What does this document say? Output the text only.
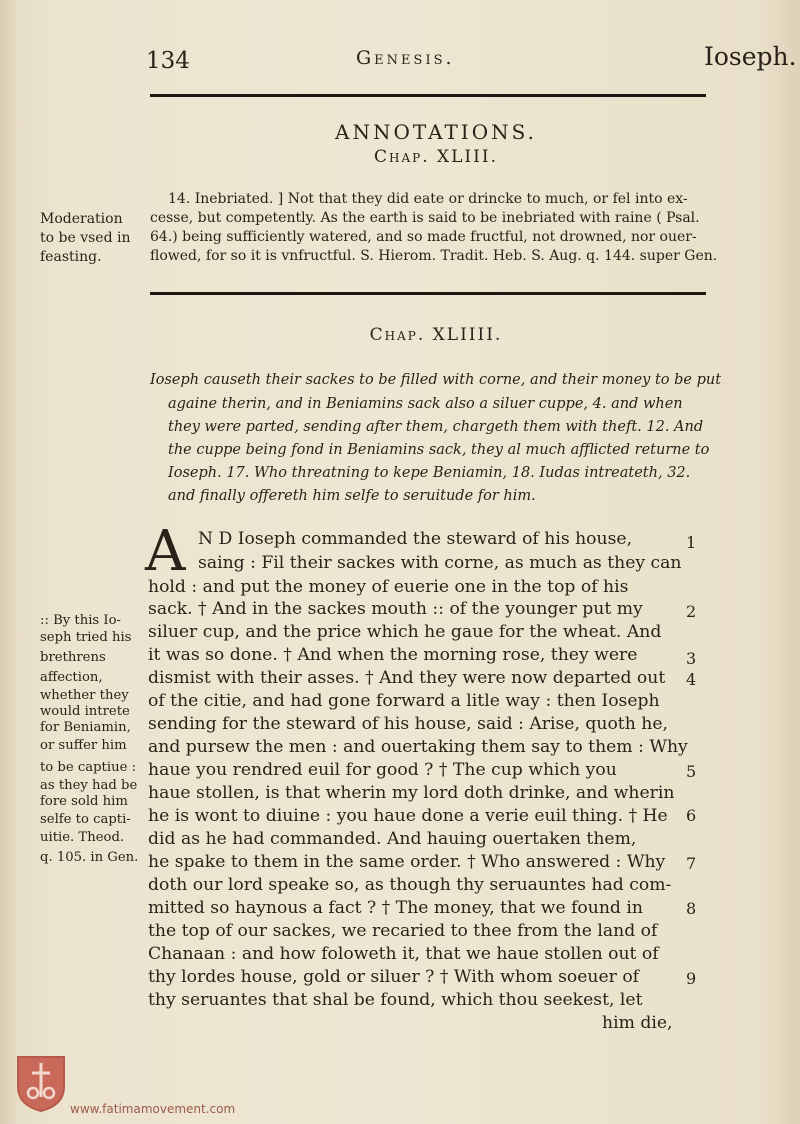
134	Genesis.	Ioseph.
ANNOTATIONS.
Chap. XLIII.
Moderation
to be vsed in
feasting.
14. Inebriated. ] Not that they did eate or drincke to much, or fel into ex-
cesse, but competently. As the earth is said to be inebriated with raine ( Psal.
64.) being sufficiently watered, and so made fructful, not drowned, nor ouer-
flowed, for so it is vnfructful. S. Hierom. Tradit. Heb. S. Aug. q. 144. super Gen.
Chap. XLIIII.
Ioseph causeth their sackes to be filled with corne, and their money to be put
againe therin, and in Beniamins sack also a siluer cuppe, 4. and when
they were parted, sending after them, chargeth them with theft. 12. And
the cuppe being fond in Beniamins sack, they al much afflicted returne to
Ioseph. 17. Who threatning to kepe Beniamin, 18. Iudas intreateth, 32.
and finally offereth him selfe to seruitude for him.
A N D Ioseph commanded the steward of his house,
saing : Fil their sackes with corne, as much as they can
hold : and put the money of euerie one in the top of his
sack. † And in the sackes mouth :: of the younger put my
siluer cup, and the price which he gaue for the wheat. And
it was so done. † And when the morning rose, they were
dismist with their asses. † And they were now departed out
of the citie, and had gone forward a litle way : then Ioseph
sending for the steward of his house, said : Arise, quoth he,
and pursew the men : and ouertaking them say to them : Why
haue you rendred euil for good ? † The cup which you
haue stollen, is that wherin my lord doth drinke, and wherin
he is wont to diuine : you haue done a verie euil thing. † He
did as he had commanded. And hauing ouertaken them,
he spake to them in the same order. † Who answered : Why
doth our lord speake so, as though thy seruauntes had com-
mitted so haynous a fact ? † The money, that we found in
the top of our sackes, we recaried to thee from the land of
Chanaan : and how foloweth it, that we haue stollen out of
thy lordes house, gold or siluer ? † With whom soeuer of
thy seruantes that shal be found, which thou seekest, let
him die,
1
2
3
4
5
6
7
8
9
:: By this Io-
seph tried his
brethrens
affection,
whether they
would intrete
for Beniamin,
or suffer him
to be captiue :
as they had be
fore sold him
selfe to capti-
uitie. Theod.
q. 105. in Gen.
www.fatimamovement.com
